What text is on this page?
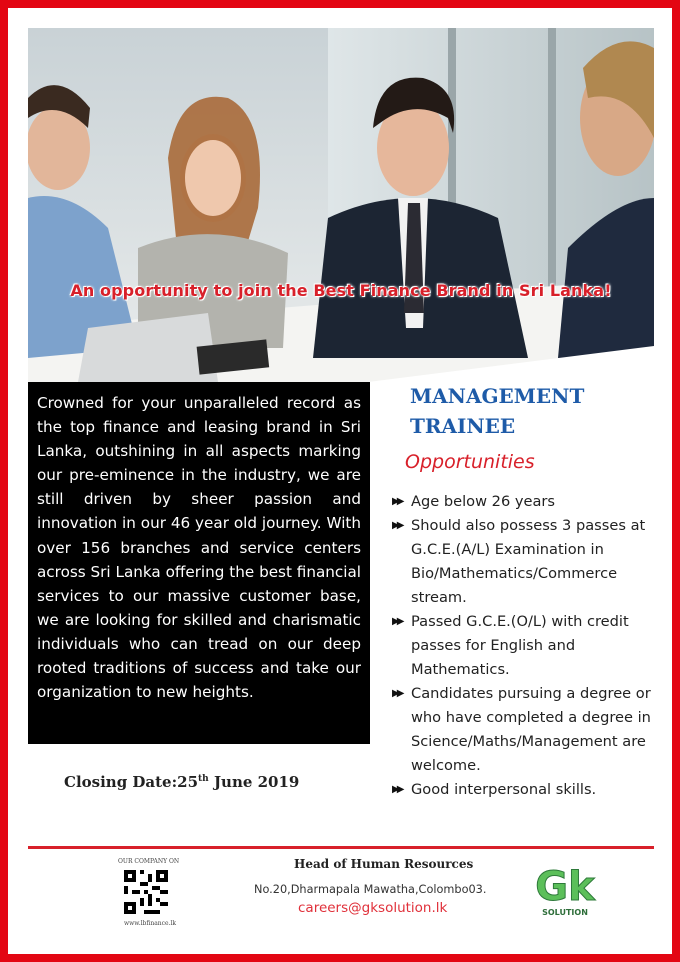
An opportunity to join the Best Finance Brand in Sri Lanka!

Crowned for your unparalleled record as the top finance and leasing brand in Sri Lanka, outshining in all aspects marking our pre-eminence in the industry, we are still driven by sheer passion and innovation in our 46 year old journey. With over 156 branches and service centers across Sri Lanka offering the best financial services to our massive customer base, we are looking for skilled and charismatic individuals who can tread on our deep rooted traditions of success and take our organization to new heights.

MANAGEMENT
TRAINEE
Opportunities
▶▶ Age below 26 years
▶▶ Should also possess 3 passes at G.C.E.(A/L) Examination in Bio/Mathematics/Commerce stream.
▶▶ Passed G.C.E.(O/L) with credit passes for English and Mathematics.
▶▶ Candidates pursuing a degree or who have completed a degree in Science/Maths/Management are welcome.
▶▶ Good interpersonal skills.
Closing Date:25th June 2019
OUR COMPANY ON
www.lbfinance.lk
Head of Human Resources
No.20,Dharmapala Mawatha,Colombo03.
careers@gksolution.lk Gk
SOLUTION
